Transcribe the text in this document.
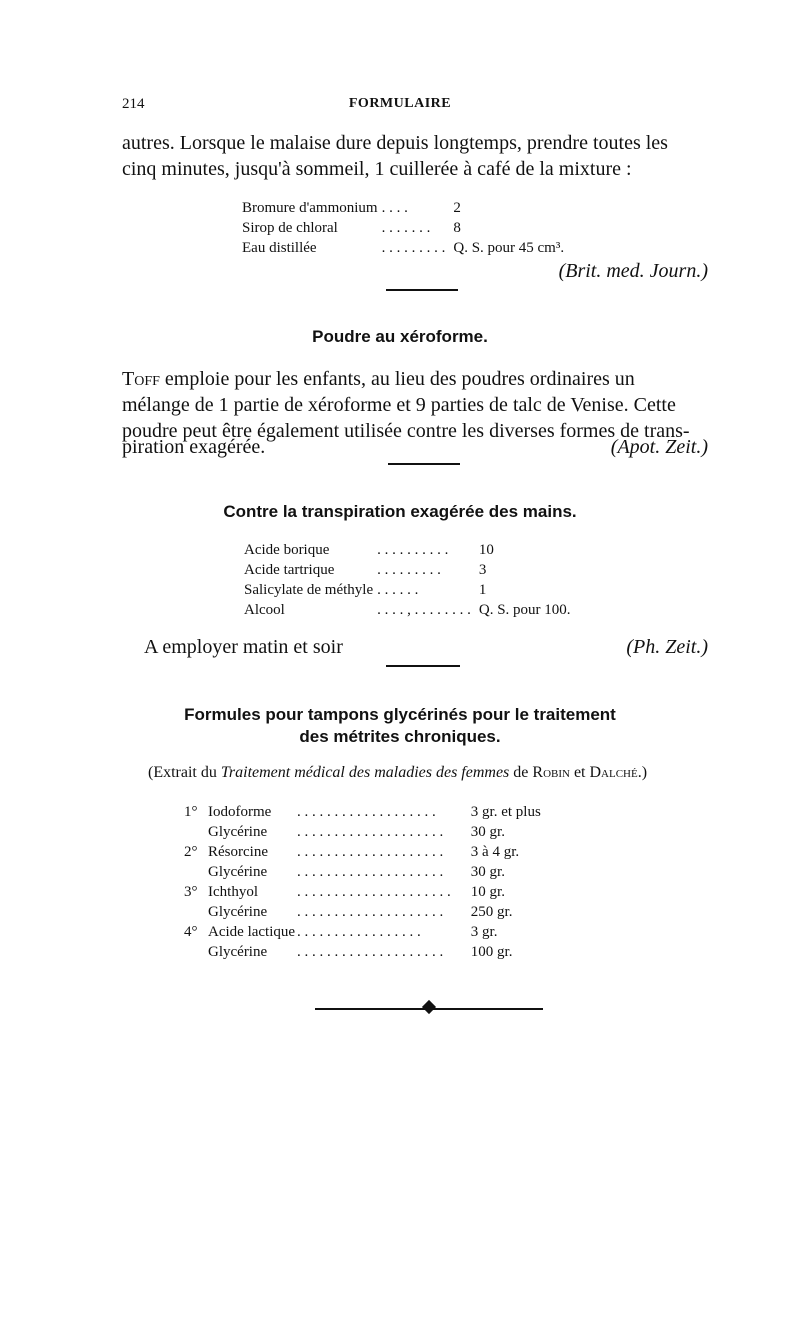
214	FORMULAIRE
autres. Lorsque le malaise dure depuis longtemps, prendre toutes les
cinq minutes, jusqu'à sommeil, 1 cuillerée à café de la mixture :
Bromure d'ammonium	. . . .	2
Sirop de chloral	. . . . . . .	8
Eau distillée	. . . . . . . . .	Q. S. pour 45 cm³.
(Brit. med. Journ.)
Poudre au xéroforme.
Toff emploie pour les enfants, au lieu des poudres ordinaires un
mélange de 1 partie de xéroforme et 9 parties de talc de Venise. Cette
poudre peut être également utilisée contre les diverses formes de trans-
piration exagérée.	(Apot. Zeit.)
Contre la transpiration exagérée des mains.
Acide borique	. . . . . . . . . .	10
Acide tartrique	. . . . . . . . .	3
Salicylate de méthyle	. . . . . .	1
Alcool	. . . . , . . . . . . . .	Q. S. pour 100.
A employer matin et soir	(Ph. Zeit.)
Formules pour tampons glycérinés pour le traitement
des métrites chroniques.
(Extrait du Traitement médical des maladies des femmes de Robin et Dalché.)
1°	Iodoforme	. . . . . . . . . . . . . . . . . . .	3 gr. et plus
	Glycérine	. . . . . . . . . . . . . . . . . . . .	30 gr.
2°	Résorcine	. . . . . . . . . . . . . . . . . . . .	3 à 4 gr.
	Glycérine	. . . . . . . . . . . . . . . . . . . .	30 gr.
3°	Ichthyol	. . . . . . . . . . . . . . . . . . . . .	10 gr.
	Glycérine	. . . . . . . . . . . . . . . . . . . .	250 gr.
4°	Acide lactique	. . . . . . . . . . . . . . . . .	3 gr.
	Glycérine	. . . . . . . . . . . . . . . . . . . .	100 gr.
